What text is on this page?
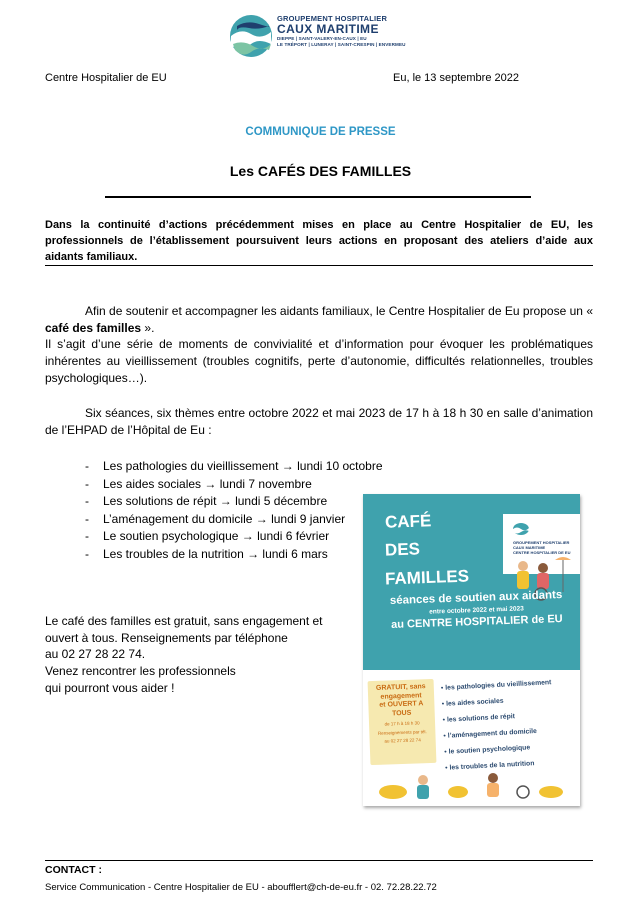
GROUPEMENT HOSPITALIER
CAUX MARITIME
DIEPPE | SAINT-VALERY-EN-CAUX | EU
LE TRÉPORT | LUNERAY | SAINT-CRESPIN | ENVERMEU
Centre Hospitalier de EU	Eu, le 13 septembre 2022
COMMUNIQUE DE PRESSE
Les CAFÉS DES FAMILLES
Dans la continuité d’actions précédemment mises en place au Centre Hospitalier de EU, les professionnels de l’établissement poursuivent leurs actions en proposant des ateliers d’aide aux aidants familiaux.
Afin de soutenir et accompagner les aidants familiaux, le Centre Hospitalier de Eu propose un « café des familles ».
Il s’agit d’une série de moments de convivialité et d’information pour évoquer les problématiques inhérentes au vieillissement (troubles cognitifs, perte d’autonomie, difficultés relationnelles, troubles psychologiques…).
Six séances, six thèmes entre octobre 2022 et mai 2023 de 17 h à 18 h 30 en salle d’animation de l’EHPAD de l’Hôpital de Eu :
- Les pathologies du vieillissement → lundi 10 octobre
- Les aides sociales → lundi 7 novembre
- Les solutions de répit → lundi 5 décembre
- L’aménagement du domicile → lundi 9 janvier
- Le soutien psychologique → lundi 6 février
- Les troubles de la nutrition → lundi 6 mars
Le café des familles est gratuit, sans engagement et
ouvert à tous. Renseignements par téléphone
au 02 27 28 22 74.
Venez rencontrer les professionnels
qui pourront vous aider !
CAFÉ
DES
FAMILLES
GROUPEMENT HOSPITALIER
CAUX MARITIME
CENTRE HOSPITALIER DE EU
séances de soutien aux aidants
entre octobre 2022 et mai 2023
au CENTRE HOSPITALIER de EU
GRATUIT, sans
engagement
et OUVERT A
TOUS
de 17 h à 18 h 30
Renseignements par tél.
au 02 27 28 22 74
• les pathologies du vieillissement
• les aides sociales
• les solutions de répit
• l’aménagement du domicile
• le soutien psychologique
• les troubles de la nutrition
CONTACT :
Service Communication - Centre Hospitalier de EU - aboufflert@ch-de-eu.fr - 02. 72.28.22.72
